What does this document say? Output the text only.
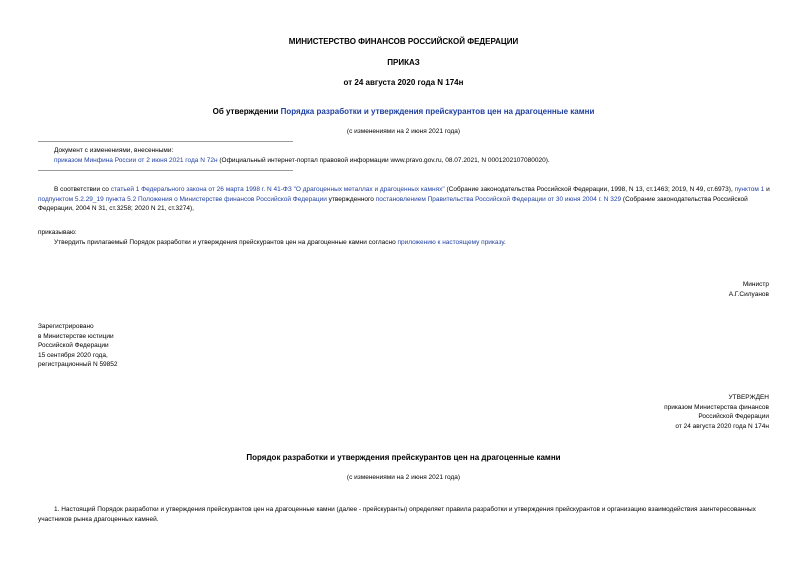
МИНИСТЕРСТВО ФИНАНСОВ РОССИЙСКОЙ ФЕДЕРАЦИИ
ПРИКАЗ
от 24 августа 2020 года N 174н
Об утверждении Порядка разработки и утверждения прейскурантов цен на драгоценные камни
(с изменениями на 2 июня 2021 года)
Документ с изменениями, внесенными:
приказом Минфина России от 2 июня 2021 года N 72н (Официальный интернет-портал правовой информации www.pravo.gov.ru, 08.07.2021, N 0001202107080020).
В соответствии со статьей 1 Федерального закона от 26 марта 1998 г. N 41-ФЗ "О драгоценных металлах и драгоценных камнях" (Собрание законодательства Российской Федерации, 1998, N 13, ст.1463; 2019, N 49, ст.6973), пунктом 1 и подпунктом 5.2.29_19 пункта 5.2 Положения о Министерстве финансов Российской Федерации утвержденного постановлением Правительства Российской Федерации от 30 июня 2004 г. N 329 (Собрание законодательства Российской Федерации, 2004 N 31, ст.3258; 2020 N 21, ст.3274),
приказываю:
Утвердить прилагаемый Порядок разработки и утверждения прейскурантов цен на драгоценные камни согласно приложению к настоящему приказу.
Министр
А.Г.Силуанов
Зарегистрировано
в Министерстве юстиции
Российской Федерации
15 сентября 2020 года,
регистрационный N 59852
УТВЕРЖДЕН
приказом Министерства финансов
Российской Федерации
от 24 августа 2020 года N 174н
Порядок разработки и утверждения прейскурантов цен на драгоценные камни
(с изменениями на 2 июня 2021 года)
1. Настоящий Порядок разработки и утверждения прейскурантов цен на драгоценные камни (далее - прейскуранты) определяет правила разработки и утверждения прейскурантов и организацию взаимодействия заинтересованных участников рынка драгоценных камней.
